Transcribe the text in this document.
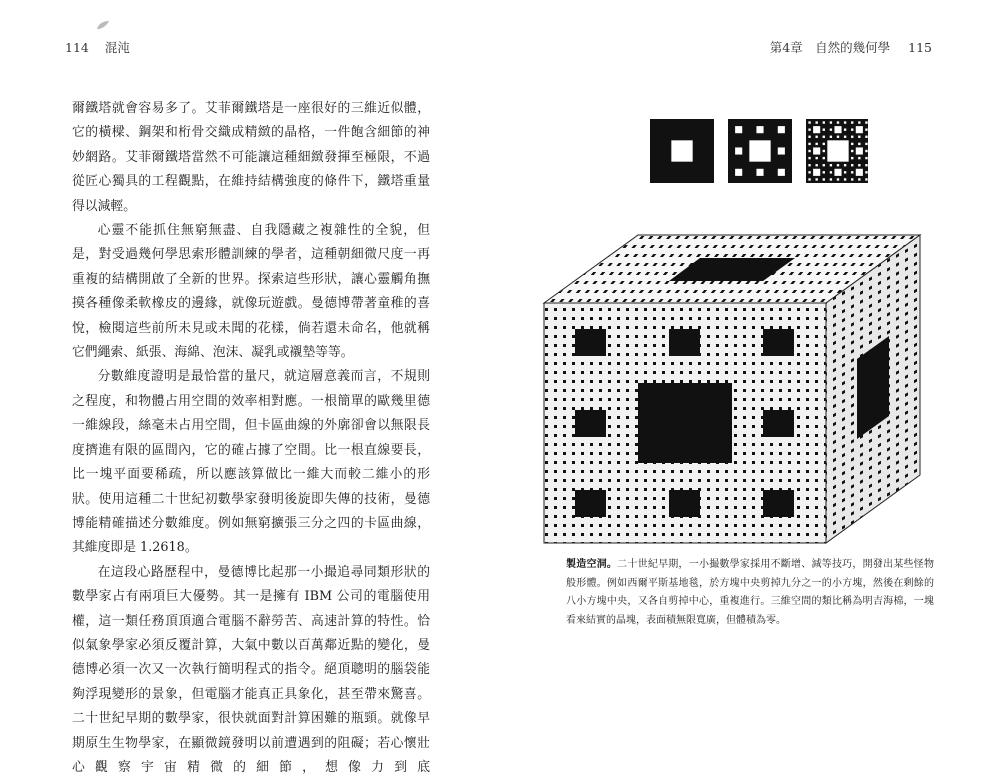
114 混沌	第4章　自然的幾何學 115

爾鐵塔就會容易多了。艾菲爾鐵塔是一座很好的三維近似體，它的橫樑、鋼架和桁骨交織成精緻的晶格，一件飽含細節的神妙網路。艾菲爾鐵塔當然不可能讓這種細緻發揮至極限，不過從匠心獨具的工程觀點，在維持結構強度的條件下，鐵塔重量得以減輕。

心靈不能抓住無窮無盡、自我隱藏之複雜性的全貌，但是，對受過幾何學思索形體訓練的學者，這種朝細微尺度一再重複的結構開啟了全新的世界。探索這些形狀，讓心靈觸角撫摸各種像柔軟橡皮的邊緣，就像玩遊戲。曼德博帶著童稚的喜悅，檢閱這些前所未見或未聞的花樣，倘若還未命名，他就稱它們繩索、紙張、海綿、泡沫、凝乳或襯墊等等。

分數維度證明是最恰當的量尺，就這層意義而言，不規則之程度，和物體占用空間的效率相對應。一根簡單的歐幾里德一維線段，絲毫未占用空間，但卡區曲線的外廓卻會以無限長度擠進有限的區間內，它的確占據了空間。比一根直線要長，比一塊平面要稀疏，所以應該算做比一維大而較二維小的形狀。使用這種二十世紀初數學家發明後旋即失傳的技術，曼德博能精確描述分數維度。例如無窮擴張三分之四的卡區曲線，其維度即是 1.2618。

在這段心路歷程中，曼德博比起那一小撮追尋同類形狀的數學家占有兩項巨大優勢。其一是擁有 IBM 公司的電腦使用權，這一類任務頂頂適合電腦不辭勞苦、高速計算的特性。恰似氣象學家必須反覆計算，大氣中數以百萬鄰近點的變化，曼德博必須一次又一次執行簡明程式的指令。絕頂聰明的腦袋能夠浮現變形的景象，但電腦才能真正具象化，甚至帶來驚喜。二十世紀早期的數學家，很快就面對計算困難的瓶頸。就像早期原生生物學家，在顯微鏡發明以前遭遇到的阻礙；若心懷壯心觀察宇宙精微的細節，想像力到底

製造空洞。二十世紀早期，一小撮數學家採用不斷增、減等技巧，開發出某些怪物般形體。例如西爾平斯基地毯，於方塊中央剪掉九分之一的小方塊，然後在剩餘的八小方塊中央，又各自剪掉中心，重複進行。三維空間的類比稱為明吉海棉，一塊看來結實的晶塊，表面積無限寬廣，但體積為零。
